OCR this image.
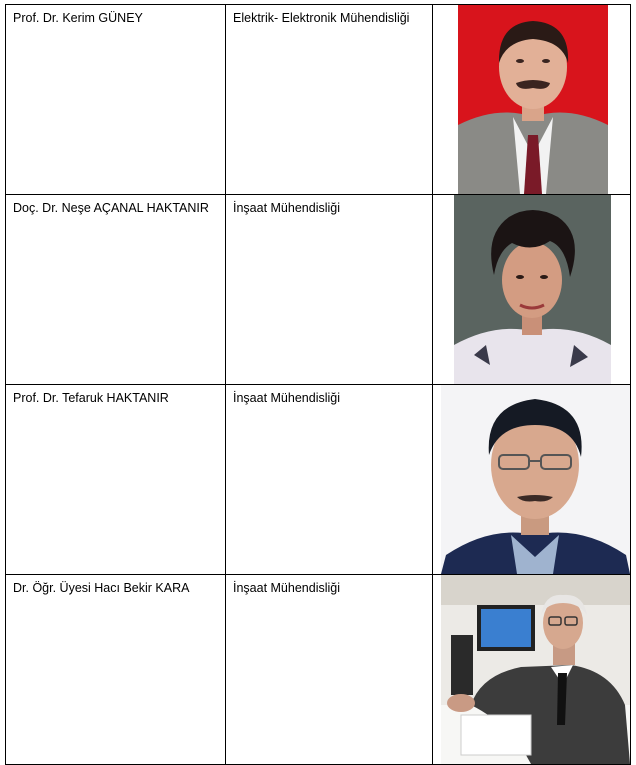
Prof. Dr. Kerim GÜNEY	Elektrik- Elektronik Mühendisliği

Doç. Dr. Neşe AÇANAL HAKTANIR	İnşaat Mühendisliği

Prof. Dr. Tefaruk HAKTANIR	İnşaat Mühendisliği

Dr. Öğr. Üyesi Hacı Bekir KARA	İnşaat Mühendisliği
